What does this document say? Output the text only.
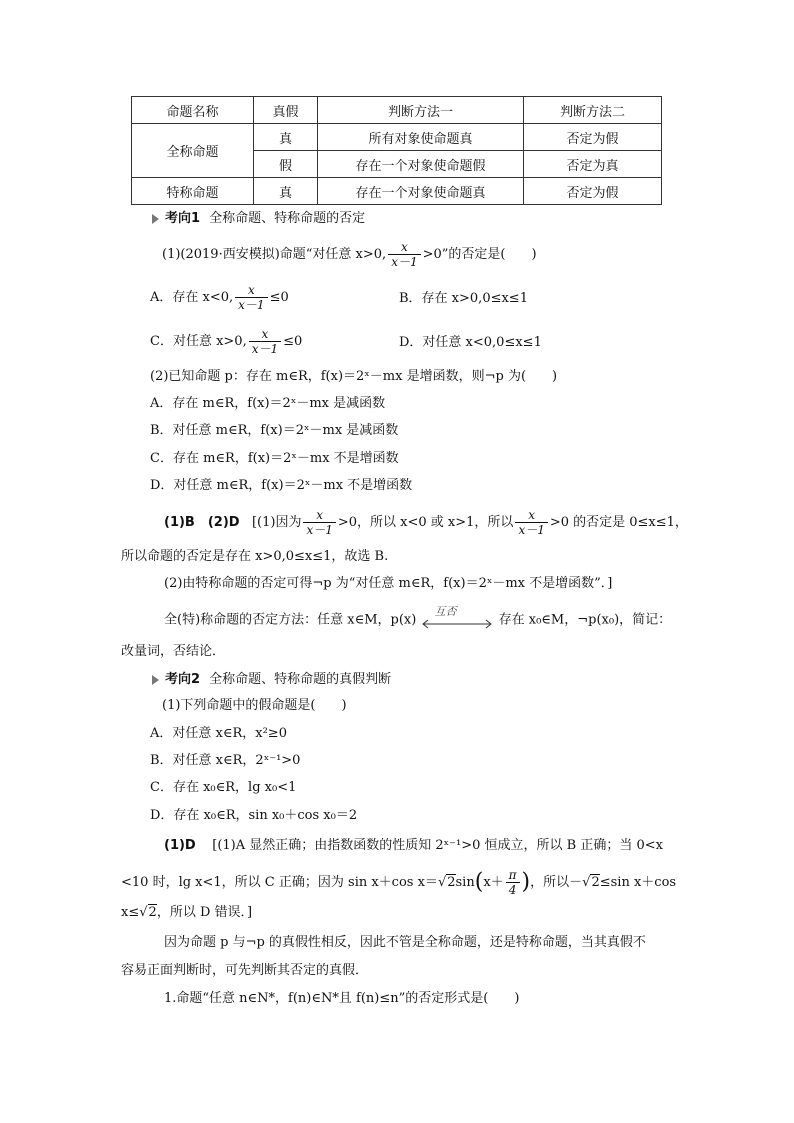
命题名称	真假	判断方法一	判断方法二
全称命题	真	所有对象使命题真	否定为假
	假	存在一个对象使命题假	否定为真
特称命题	真	存在一个对象使命题真	否定为假
考向1 全称命题、特称命题的否定
(1)(2019·西安模拟)命题“对任意 x>0, $\frac{x}{x-1} >0$”的否定是(　　)
A．存在 x<0, $\frac{x}{x-1} \le 0$	B．存在 x>0,0≤x≤1
C．对任意 x>0, $\frac{x}{x-1} \le 0$	D．对任意 x<0,0≤x≤1
(2)已知命题 p：存在 m∈R，f(x)＝2ˣ－mx 是增函数，则¬p 为(　　)
A．存在 m∈R，f(x)＝2ˣ－mx 是减函数
B．对任意 m∈R，f(x)＝2ˣ－mx 是减函数
C．存在 m∈R，f(x)＝2ˣ－mx 不是增函数
D．对任意 m∈R，f(x)＝2ˣ－mx 不是增函数
(1)B　(2)D [(1)因为 $\frac{x}{x-1} >0$，所以 x<0 或 x>1，所以 $\frac{x}{x-1} >0$ 的否定是 0≤x≤1，
所以命题的否定是存在 x>0,0≤x≤1，故选 B.
(2)由特称命题的否定可得¬p 为“对任意 m∈R，f(x)＝2ˣ－mx 不是增函数”．]
全(特)称命题的否定方法：任意 x∈M，p(x)
互否
存在 x₀∈M，¬p(x₀)，简记：
改量词，否结论．
考向2 全称命题、特称命题的真假判断
(1)下列命题中的假命题是(　　)
A．对任意 x∈R，x²≥0
B．对任意 x∈R，2ˣ⁻¹>0
C．存在 x₀∈R，lg x₀<1
D．存在 x₀∈R，sin x₀＋cos x₀＝2
(1)D [(1)A 显然正确；由指数函数的性质知 2ˣ⁻¹>0 恒成立，所以 B 正确；当 0<x
<10 时，lg x<1，所以 C 正确；因为 sin x＋cos $x=√2\sin(x+ \frac{\pi}{4}$ )，所以－√2≤sin x＋cos
x≤√2，所以 D 错误．]
因为命题 p 与¬p 的真假性相反，因此不管是全称命题，还是特称命题，当其真假不
容易正面判断时，可先判断其否定的真假．
1.命题“任意 n∈N*，f(n)∈N*且 f(n)≤n”的否定形式是(　　)
